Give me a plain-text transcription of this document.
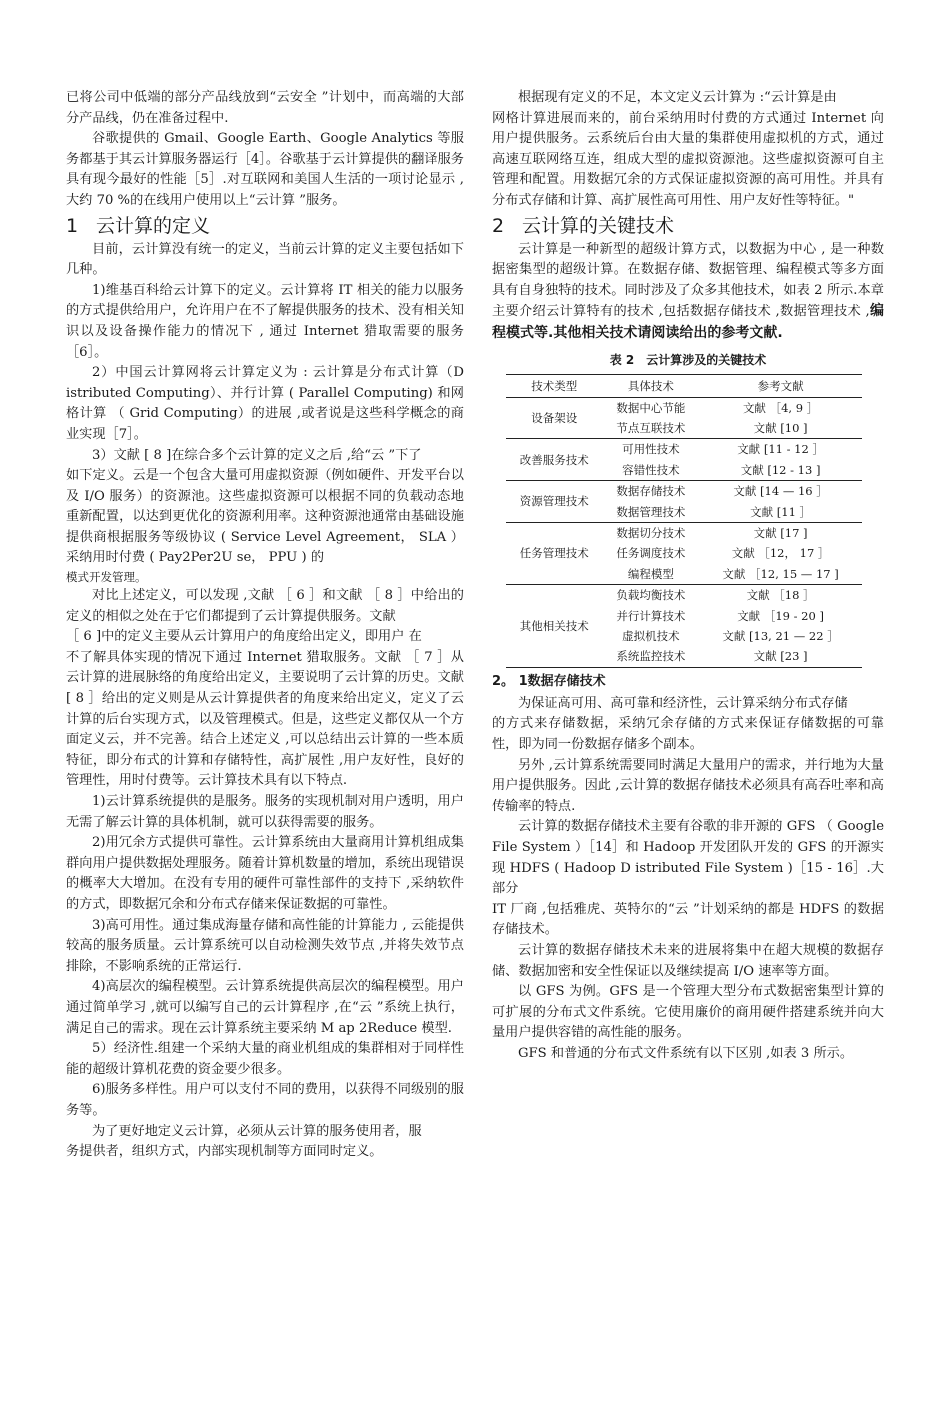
已将公司中低端的部分产品线放到“云安全 ”计划中，而高端的大部分产品线，仍在准备过程中.

谷歌提供的 Gmail、Google Earth、Google Analytics 等服务都基于其云计算服务器运行［4］。谷歌基于云计算提供的翻译服务具有现今最好的性能［5］.对互联网和美国人生活的一项讨论显示 ,大约 70 %的在线用户使用以上“云计算 ”服务。

1 云计算的定义

目前，云计算没有统一的定义，当前云计算的定义主要包括如下几种。

1)维基百科给云计算下的定义。云计算将 IT 相关的能力以服务的方式提供给用户，允许用户在不了解提供服务的技术、没有相关知识以及设备操作能力的情况下 , 通过 Internet 猎取需要的服务［6］。

2）中国云计算网将云计算定义为 : 云计算是分布式计算（D istributed Computing）、并行计算 ( Parallel Computing) 和网格计算 （ Grid Computing）的进展 ,或者说是这些科学概念的商业实现［7］。

3）文献 [ 8 ]在综合多个云计算的定义之后 ,给“云 ”下了

如下定义。云是一个包含大量可用虚拟资源（例如硬件、开发平台以及 I/O 服务）的资源池。这些虚拟资源可以根据不同的负载动态地重新配置，以达到更优化的资源利用率。这种资源池通常由基础设施提供商根据服务等级协议 ( Service Level Agreement， SLA ） 采纳用时付费 ( Pay2Per2U se， PPU ) 的

模式开发管理。

对比上述定义，可以发现 ,文献 ［ 6 ］和文献 ［ 8 ］中给出的定义的相似之处在于它们都提到了云计算提供服务。文献

［ 6 ]中的定义主要从云计算用户的角度给出定义，即用户 在

不了解具体实现的情况下通过 Internet 猎取服务。文献 ［ 7 ］从云计算的进展脉络的角度给出定义，主要说明了云计算的历史。文献 [ 8 ］给出的定义则是从云计算提供者的角度来给出定义，定义了云计算的后台实现方式，以及管理模式。但是，这些定义都仅从一个方面定义云，并不完善。结合上述定义 ,可以总结出云计算的一些本质特征，即分布式的计算和存储特性，高扩展性 ,用户友好性，良好的管理性，用时付费等。云计算技术具有以下特点.

1)云计算系统提供的是服务。服务的实现机制对用户透明，用户无需了解云计算的具体机制，就可以获得需要的服务。

2)用冗余方式提供可靠性。云计算系统由大量商用计算机组成集群向用户提供数据处理服务。随着计算机数量的增加，系统出现错误的概率大大增加。在没有专用的硬件可靠性部件的支持下 ,采纳软件的方式，即数据冗余和分布式存储来保证数据的可靠性。

3)高可用性。通过集成海量存储和高性能的计算能力 , 云能提供较高的服务质量。云计算系统可以自动检测失效节点 ,并将失效节点排除，不影响系统的正常运行.

4)高层次的编程模型。云计算系统提供高层次的编程模型。用户通过简单学习 ,就可以编写自己的云计算程序 ,在“云 ”系统上执行，满足自己的需求。现在云计算系统主要采纳 M ap 2Reduce 模型.

5）经济性.组建一个采纳大量的商业机组成的集群相对于同样性能的超级计算机花费的资金要少很多。

6)服务多样性。用户可以支付不同的费用，以获得不同级别的服务等。

为了更好地定义云计算，必须从云计算的服务使用者，服

务提供者，组织方式，内部实现机制等方面同时定义。

根据现有定义的不足，本文定义云计算为 :“云计算是由

网格计算进展而来的，前台采纳用时付费的方式通过 Internet 向用户提供服务。云系统后台由大量的集群使用虚拟机的方式，通过高速互联网络互连，组成大型的虚拟资源池。这些虚拟资源可自主管理和配置。用数据冗余的方式保证虚拟资源的高可用性。并具有分布式存储和计算、高扩展性高可用性、用户友好性等特征。"

2 云计算的关键技术

云计算是一种新型的超级计算方式，以数据为中心 , 是一种数据密集型的超级计算。在数据存储、数据管理、编程模式等多方面具有自身独特的技术。同时涉及了众多其他技术，如表 2 所示.本章主要介绍云计算特有的技术 ,包括数据存储技术 ,数据管理技术 ,编程模式等.其他相关技术请阅读给出的参考文献.

表 2　云计算涉及的关键技术
技术类型	具体技术	参考文献
设备架设	数据中心节能	文献 ［4, 9 ］
	节点互联技术	文献 [10 ]
改善服务技术	可用性技术	文献 [11 - 12 ］
	容错性技术	文献 [12 - 13 ]
资源管理技术	数据存储技术	文献 [14 — 16 ］
	数据管理技术	文献 [11 ］
任务管理技术	数据切分技术	文献 [17 ]
	任务调度技术	文献 ［12， 17 ］
	编程模型	文献 ［12, 15 — 17 ]
其他相关技术	负载均衡技术	文献 ［18 ］
	并行计算技术	文献 ［19 - 20 ]
	虚拟机技术	文献 [13, 21 — 22 ］
	系统监控技术	文献 [23 ]
2。 1数据存储技术

为保证高可用、高可靠和经济性，云计算采纳分布式存储

的方式来存储数据，采纳冗余存储的方式来保证存储数据的可靠性，即为同一份数据存储多个副本。

另外 ,云计算系统需要同时满足大量用户的需求，并行地为大量用户提供服务。因此 ,云计算的数据存储技术必须具有高吞吐率和高传输率的特点.

云计算的数据存储技术主要有谷歌的非开源的 GFS （ Google File System ）［14］和 Hadoop 开发团队开发的 GFS 的开源实现 HDFS ( Hadoop D istributed File System )［15 - 16］.大部分

IT 厂商 ,包括雅虎、英特尔的“云 ”计划采纳的都是 HDFS 的数据存储技术。

云计算的数据存储技术未来的进展将集中在超大规模的数据存储、数据加密和安全性保证以及继续提高 I/O 速率等方面。

以 GFS 为例。GFS 是一个管理大型分布式数据密集型计算的可扩展的分布式文件系统。它使用廉价的商用硬件搭建系统并向大量用户提供容错的高性能的服务。

GFS 和普通的分布式文件系统有以下区别 ,如表 3 所示。
